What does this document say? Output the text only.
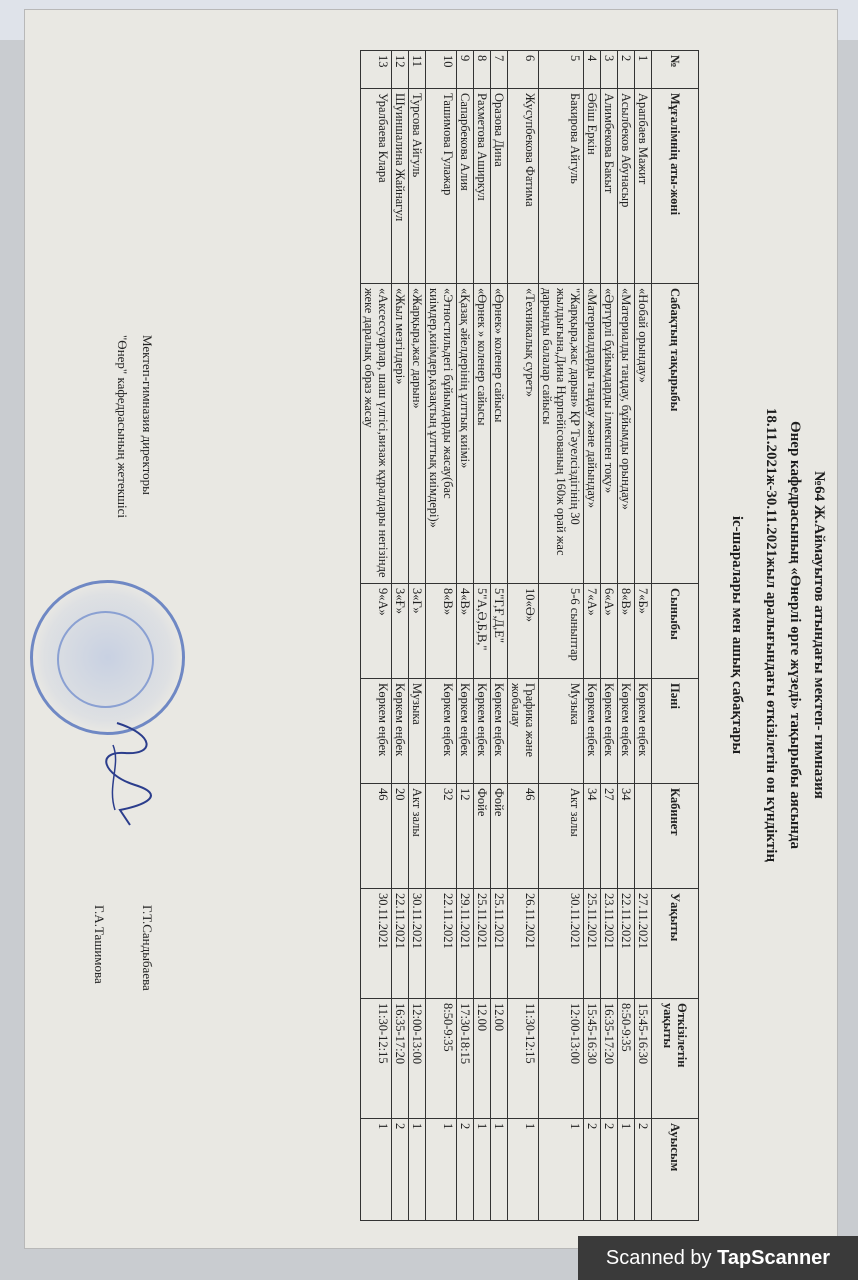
№64 Ж.Аймауытов атындағы мектеп- гимназия
Өнер кафедрасының «Өнерлі өрге жүзеді» тақырыбы аясында
18.11.2021ж-30.11.2021жыл аралығындағы өткізілетін он күндіктің
іс-шаралары мен ашық сабақтары
№	Мұғалімнің аты-жөні	Сабақтың тақырыбы	Сыныбы	Пәні	Кабинет	Уақыты	Өткізілетін уақыты	Ауысым
1	Арапбаев Мажит	«Нобай орындау»	7«Б»	Көркем еңбек		27.11.2021	15:45-16:30	2
2	Асылбеков Абунасыр	«Материалды таңдау, бұйымды орындау»	8«В»	Көркем еңбек	34	22.11.2021	8:50-9:35	1
3	Алимбекова Бакыт	«Әртүрлі бұйымдарды ілмекпен тоқу»	6«А»	Көркем еңбек	27	23.11.2021	16:35-17:20	2
4	Әбіш Еркін	«Материалдарды таңдау және дайындау»	7«А»	Көркем еңбек	34	25.11.2021	15:45-16:30	2
5	Бакирова Айгуль	"Жарқыра,жас дарын» ҚР Тәуелсіздігінің 30 жылдығына,Дина Нұрпейісованың 160ж орай жас дарынды балалар сайысы	5-6 сыныптар	Музыка	Акт залы	30.11.2021	12:00-13:00	1
6	Жусупбекова Фатима	«Техникалық сурет»	10«Ә»	Графика және жобалау	46	26.11.2021	11:30-12:15	1
7	Оразова Дина	«Өрнек» коленер сайысы	5"Г,Ғ,Д,Е"	Көркем еңбек	Фойе	25.11.2021	12.00	1
8	Рахметова Аширкул	«Өрнек » коленер сайысы	5"А,Ә,Б,В,"	Көркем еңбек	Фойе	25.11.2021	12.00	1
9	Сапарбекова Алия	«Қазақ әйелдерінің ұлттық киімі»	4«В»	Көркем еңбек	12	29.11.2021	17:30-18:15	2
10	Ташимова Гулажар	«Этностильдегі бұйымдарды жасау(бас киімдер,киімдер,қазақтың ұлттық киімдері)»	8«В»	Көркем еңбек	32	22.11.2021	8:50-9:35	1
11	Турсова Айгуль	«Жарқыра,жас дарын»	3«Г»	Музыка	Акт залы	30.11.2021	12:00-13:00	1
12	Шуиншалина Жайнагул	«Жыл мезгілдері»	3«Ғ»	Көркем еңбек	20	22.11.2021	16:35-17:20	2
13	Уралбаева Клара	«Аксессуарлар, шаш үлгісі,визаж құралдары негізінде жеке даралық образ жасау	9«А»	Көркем еңбек	46	30.11.2021	11:30-12:15	1
Мектеп-гимназия директоры
Г.Т.Сандыбаева
"Өнер" кафедрасының жетекшісі
Г.А.Ташимова
Scanned by TapScanner
